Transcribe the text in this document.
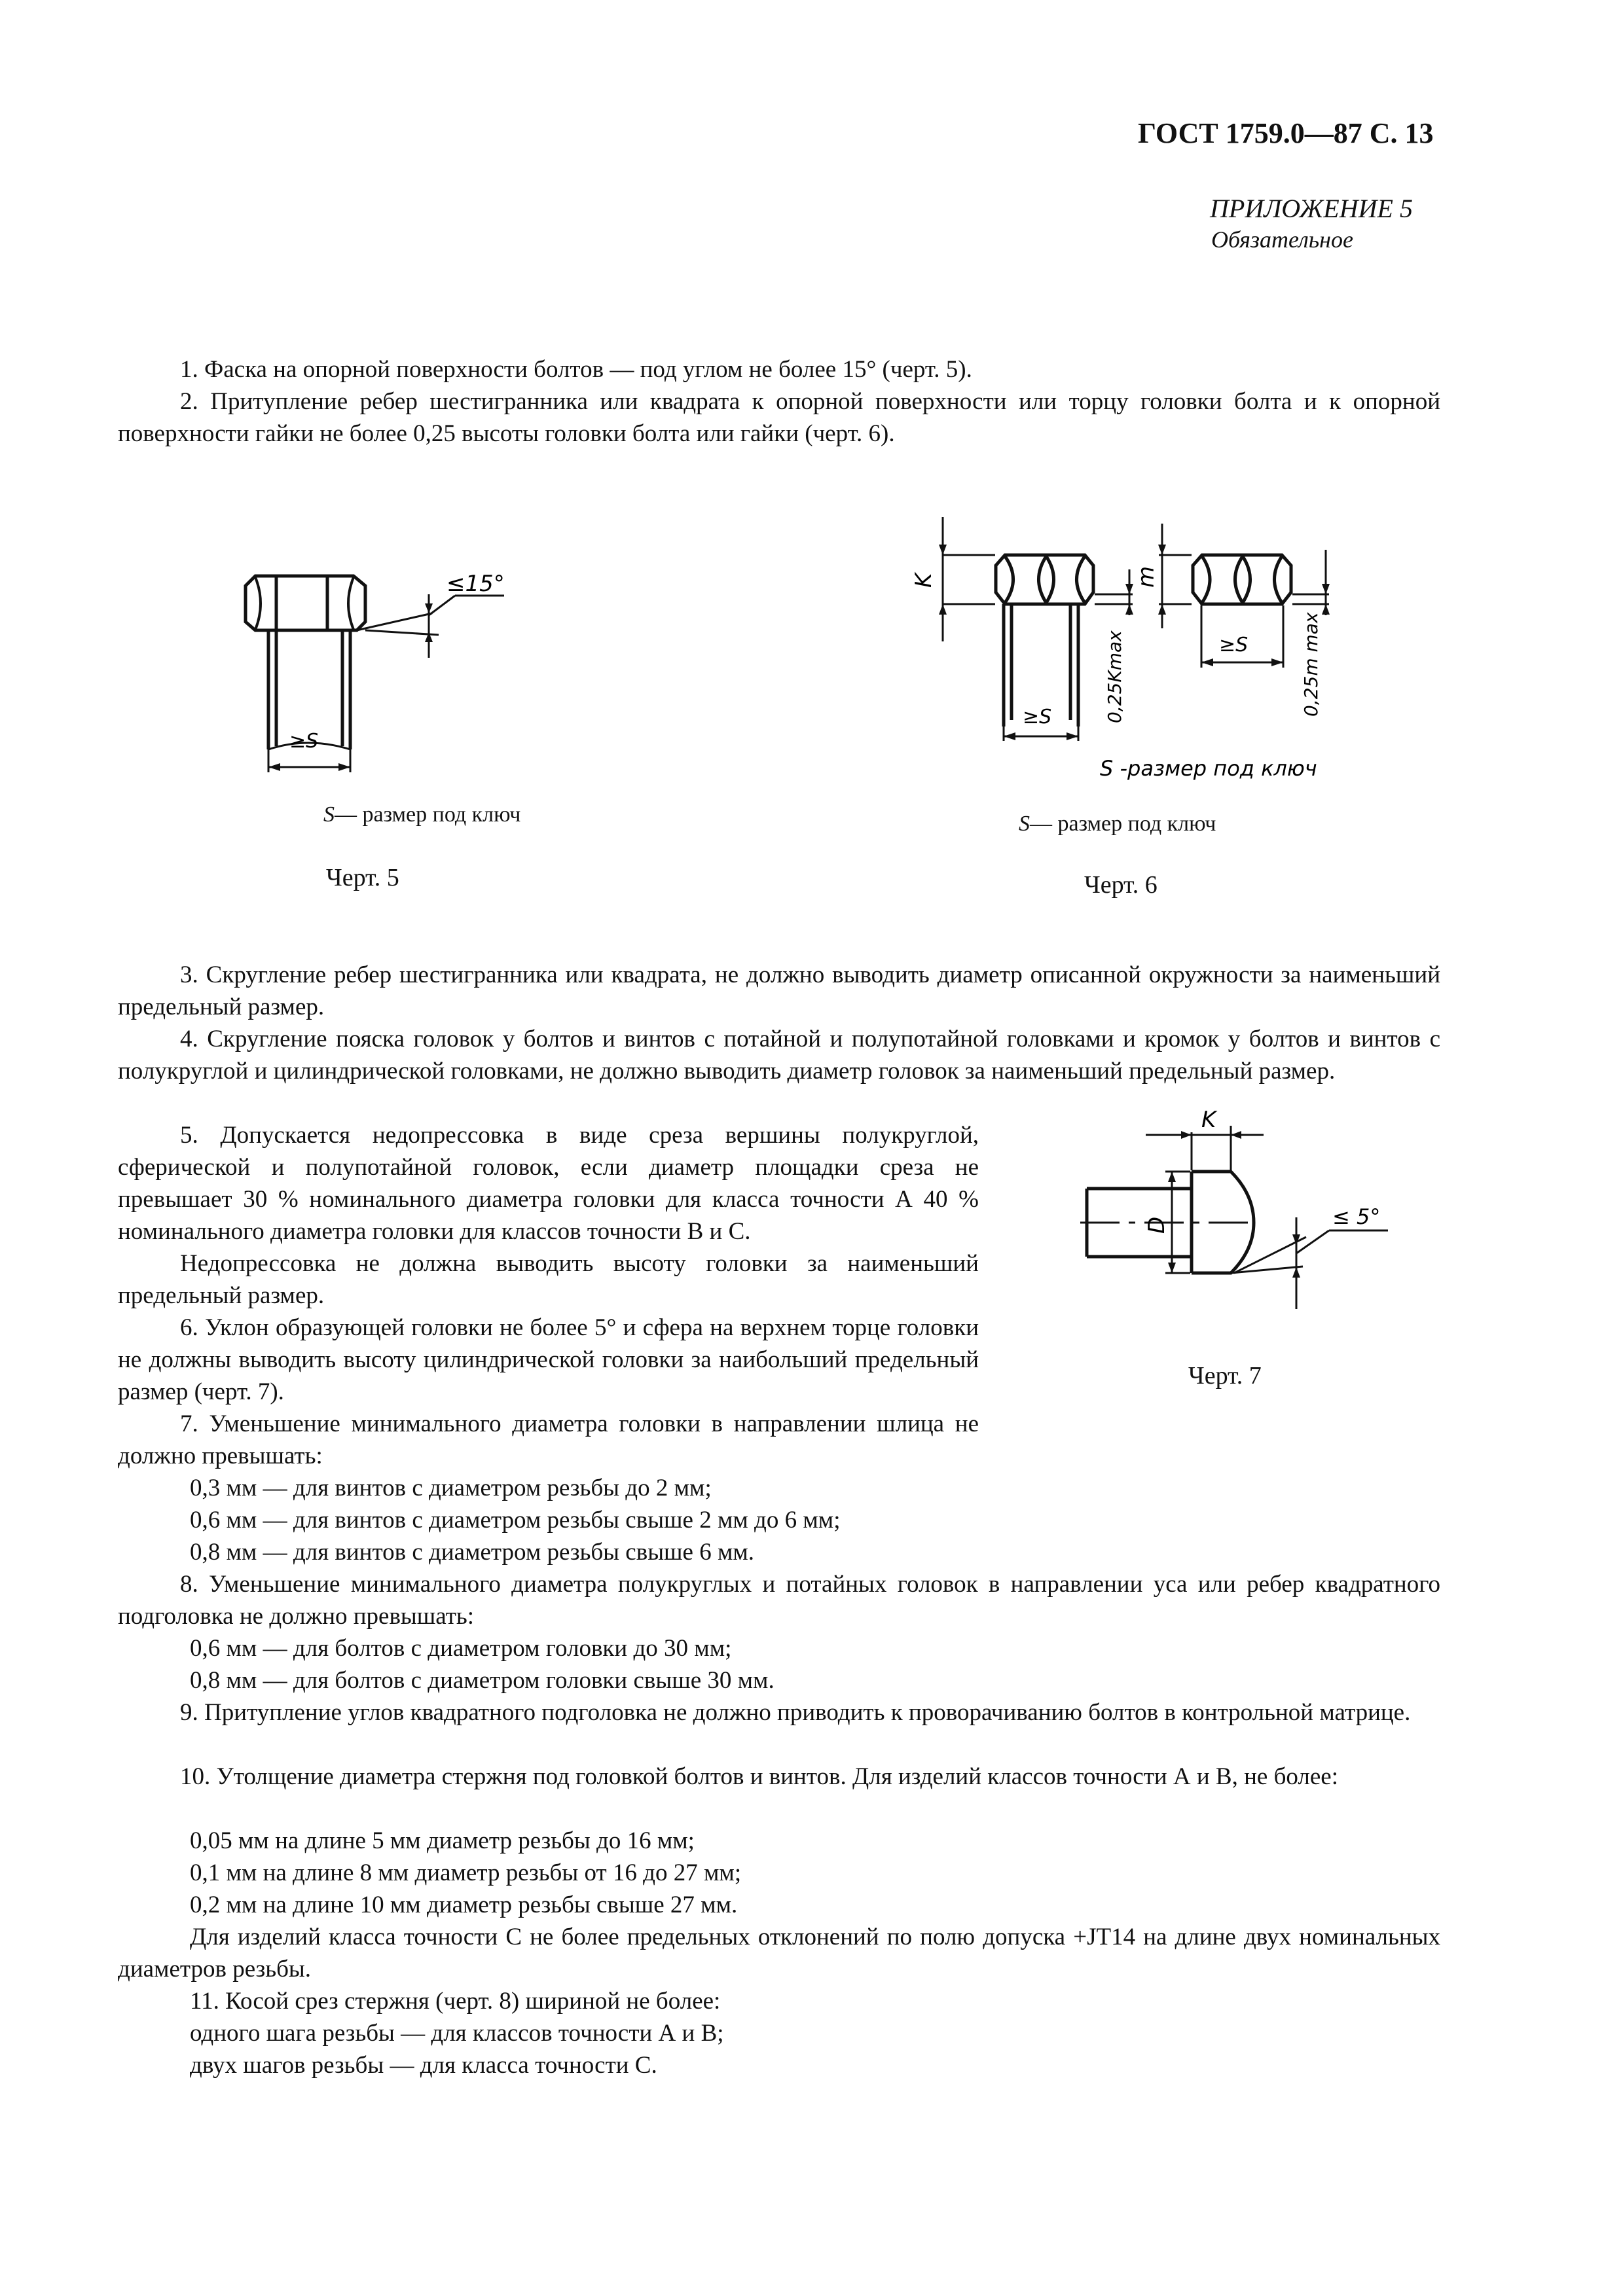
ГОСТ 1759.0—87 С. 13
ПРИЛОЖЕНИЕ 5
Обязательное

1. Фаска на опорной поверхности болтов — под углом не более 15° (черт. 5).

2. Притупление ребер шестигранника или квадрата к опорной поверхности или торцу головки болта и к опорной поверхности гайки не более 0,25 высоты головки болта или гайки (черт. 6).

≤15°
≥S
S— размер под ключ
Черт. 5
K	m
≥S
≥S
0,25Kmax	0,25m max
S -размер под ключ
S— размер под ключ
Черт. 6

3. Скругление ребер шестигранника или квадрата, не должно выводить диаметр описанной окружности за наименьший предельный размер.

4. Скругление пояска головок у болтов и винтов с потайной и полупотайной головками и кромок у болтов и винтов с полукруглой и цилиндрической головками, не должно выводить диаметр головок за наименьший предельный размер.

5. Допускается недопрессовка в виде среза вершины полукруглой, сферической и полупотайной головок, если диаметр площадки среза не превышает 30 % номинального диаметра головки для класса точности А 40 % номинального диаметра головки для классов точности В и С.

Недопрессовка не должна выводить высоту головки за наименьший предельный размер.

6. Уклон образующей головки не более 5° и сфера на верхнем торце головки не должны выводить высоту цилиндрической головки за наибольший предельный размер (черт. 7).

7. Уменьшение минимального диаметра головки в направлении шлица не должно превышать:

K
D	≤ 5°
Черт. 7
0,3 мм — для винтов с диаметром резьбы до 2 мм;
0,6 мм — для винтов с диаметром резьбы свыше 2 мм до 6 мм;
0,8 мм — для винтов с диаметром резьбы свыше 6 мм.

8. Уменьшение минимального диаметра полукруглых и потайных головок в направлении уса или ребер квадратного подголовка не должно превышать:

0,6 мм — для болтов с диаметром головки до 30 мм;
0,8 мм — для болтов с диаметром головки свыше 30 мм.

9. Притупление углов квадратного подголовка не должно приводить к проворачиванию болтов в контрольной матрице.

10. Утолщение диаметра стержня под головкой болтов и винтов. Для изделий классов точности А и В, не более:

0,05 мм на длине 5 мм диаметр резьбы до 16 мм;
0,1 мм на длине 8 мм диаметр резьбы от 16 до 27 мм;
0,2 мм на длине 10 мм диаметр резьбы свыше 27 мм.

Для изделий класса точности С не более предельных отклонений по полю допуска +JT14 на длине двух номинальных диаметров резьбы.

11. Косой срез стержня (черт. 8) шириной не более:
одного шага резьбы — для классов точности А и В;
двух шагов резьбы — для класса точности С.
